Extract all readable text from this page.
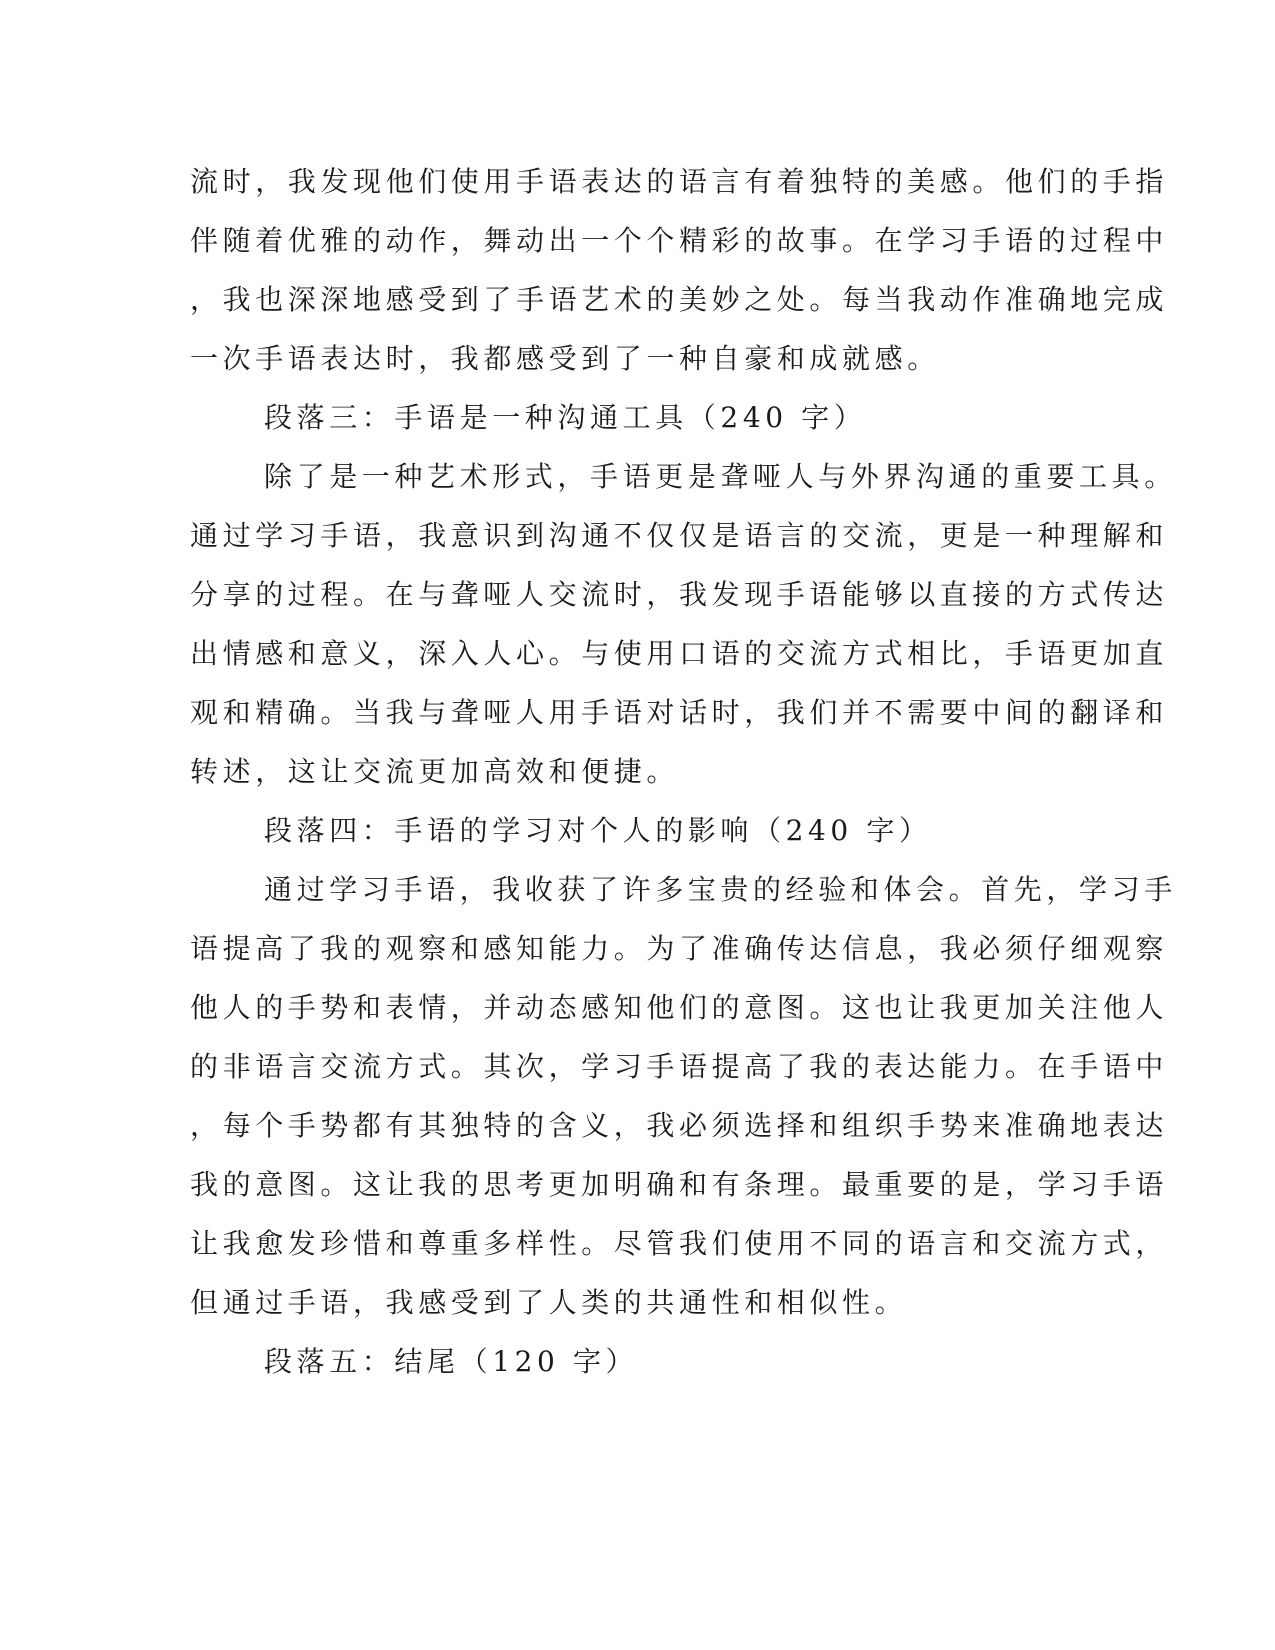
流时，我发现他们使用手语表达的语言有着独特的美感。他们的手指
伴随着优雅的动作，舞动出一个个精彩的故事。在学习手语的过程中
，我也深深地感受到了手语艺术的美妙之处。每当我动作准确地完成
一次手语表达时，我都感受到了一种自豪和成就感。
段落三：手语是一种沟通工具（240 字）
除了是一种艺术形式，手语更是聋哑人与外界沟通的重要工具。
通过学习手语，我意识到沟通不仅仅是语言的交流，更是一种理解和
分享的过程。在与聋哑人交流时，我发现手语能够以直接的方式传达
出情感和意义，深入人心。与使用口语的交流方式相比，手语更加直
观和精确。当我与聋哑人用手语对话时，我们并不需要中间的翻译和
转述，这让交流更加高效和便捷。
段落四：手语的学习对个人的影响（240 字）
通过学习手语，我收获了许多宝贵的经验和体会。首先，学习手
语提高了我的观察和感知能力。为了准确传达信息，我必须仔细观察
他人的手势和表情，并动态感知他们的意图。这也让我更加关注他人
的非语言交流方式。其次，学习手语提高了我的表达能力。在手语中
，每个手势都有其独特的含义，我必须选择和组织手势来准确地表达
我的意图。这让我的思考更加明确和有条理。最重要的是，学习手语
让我愈发珍惜和尊重多样性。尽管我们使用不同的语言和交流方式，
但通过手语，我感受到了人类的共通性和相似性。
段落五：结尾（120 字）
